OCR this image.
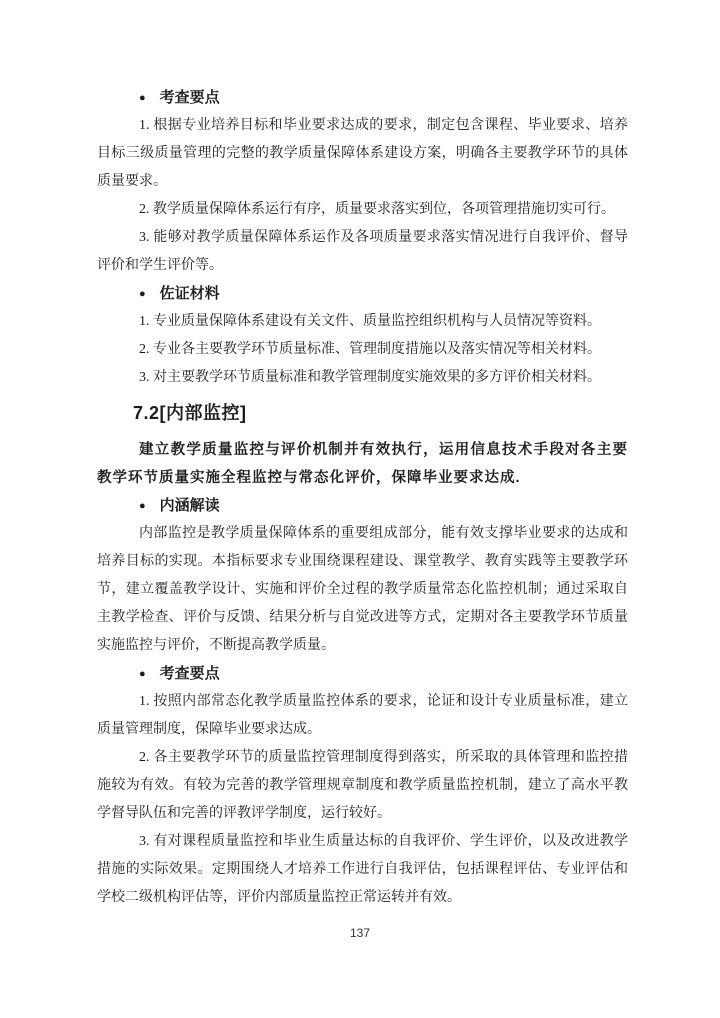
● 考查要点

1. 根据专业培养目标和毕业要求达成的要求，制定包含课程、毕业要求、培养目标三级质量管理的完整的教学质量保障体系建设方案，明确各主要教学环节的具体质量要求。

2. 教学质量保障体系运行有序，质量要求落实到位，各项管理措施切实可行。

3. 能够对教学质量保障体系运作及各项质量要求落实情况进行自我评价、督导评价和学生评价等。

● 佐证材料

1. 专业质量保障体系建设有关文件、质量监控组织机构与人员情况等资料。

2. 专业各主要教学环节质量标准、管理制度措施以及落实情况等相关材料。

3. 对主要教学环节质量标准和教学管理制度实施效果的多方评价相关材料。

7.2[内部监控]

建立教学质量监控与评价机制并有效执行，运用信息技术手段对各主要教学环节质量实施全程监控与常态化评价，保障毕业要求达成.

● 内涵解读

内部监控是教学质量保障体系的重要组成部分，能有效支撑毕业要求的达成和培养目标的实现。本指标要求专业围绕课程建设、课堂教学、教育实践等主要教学环节，建立覆盖教学设计、实施和评价全过程的教学质量常态化监控机制；通过采取自主教学检查、评价与反馈、结果分析与自觉改进等方式，定期对各主要教学环节质量实施监控与评价，不断提高教学质量。

● 考查要点

1. 按照内部常态化教学质量监控体系的要求，论证和设计专业质量标准，建立质量管理制度，保障毕业要求达成。

2. 各主要教学环节的质量监控管理制度得到落实，所采取的具体管理和监控措施较为有效。有较为完善的教学管理规章制度和教学质量监控机制，建立了高水平教学督导队伍和完善的评教评学制度，运行较好。

3. 有对课程质量监控和毕业生质量达标的自我评价、学生评价，以及改进教学措施的实际效果。定期围绕人才培养工作进行自我评估，包括课程评估、专业评估和学校二级机构评估等，评价内部质量监控正常运转并有效。

137
